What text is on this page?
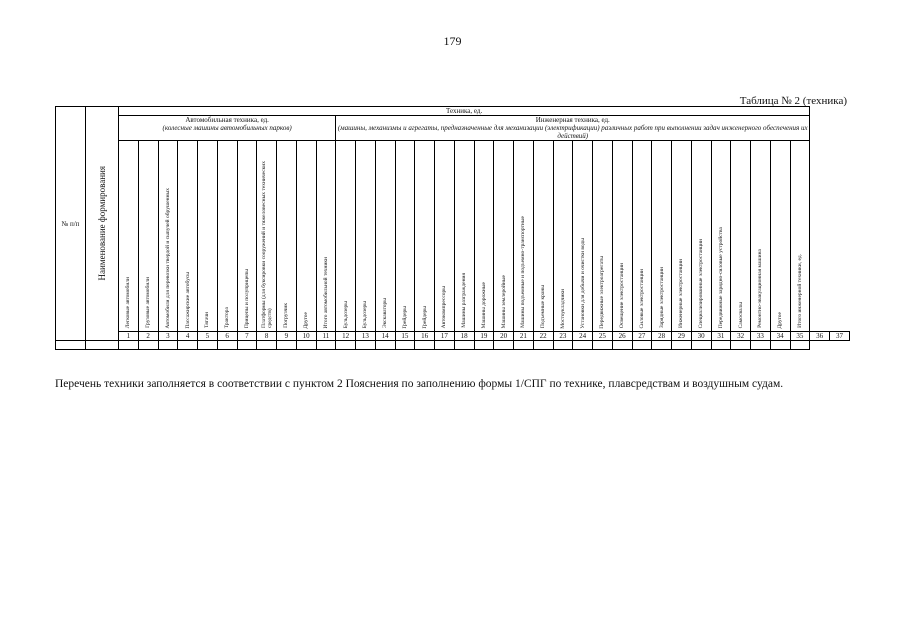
179
Таблица № 2 (техника)
№ п/п	Наименование формирования	Техника, ед.																																				
		Автомобильная техника, ед.
(колесные машины автомобильных парков)											Инженерная техника, ед.
(машины, механизмы и агрегаты, предназначенные для механизации (электрификации) различных работ при выполнении задач инженерного обеспечения их действий)																									

		Легковые автомобили	Грузовые автомобили	Автомобили для перевозки твердой и сыпучей обрушенных	Пассажирские автобусы	Тягачи	Трактора	Прицепы и полуприцепы	Платформы (для буксировки сооружений и тяжеловесных технических средств)	Погрузчик	Другое	Итого автомобильной техники	Бульдозеры	Бульдозеры	Экскаваторы	Грейдеры	Грейдеры	Автокомпрессоры	Машины разграждения	Машины дорожные	Машины землеройные	Машины подъемные и подъемно-транспортные	Подъемные краны	Мостоукладчики	Установки для добычи и очистки воды	Передвижные электроагрегаты	Освещение электростанции	Силовые электростанции	Зарядные электростанции	Инженерные электростанции	Специализированные электростанции	Передвижные зарядно-силовые устройства	Самосвалы	Ремонтно-эвакуационная машина	Другое	Итого инженерной техники, ед.		

		1	2	3	4	5	6	7	8	9	10	11	12	13	14	15	16	17	18	19	20	21	22	23	24	25	26	27	28	29	30	31	32	33	34	35	36	37

Перечень техники заполняется в соответствии с пунктом 2 Пояснения по заполнению формы 1/СПГ по технике, плавсредствам и воздушным судам.
